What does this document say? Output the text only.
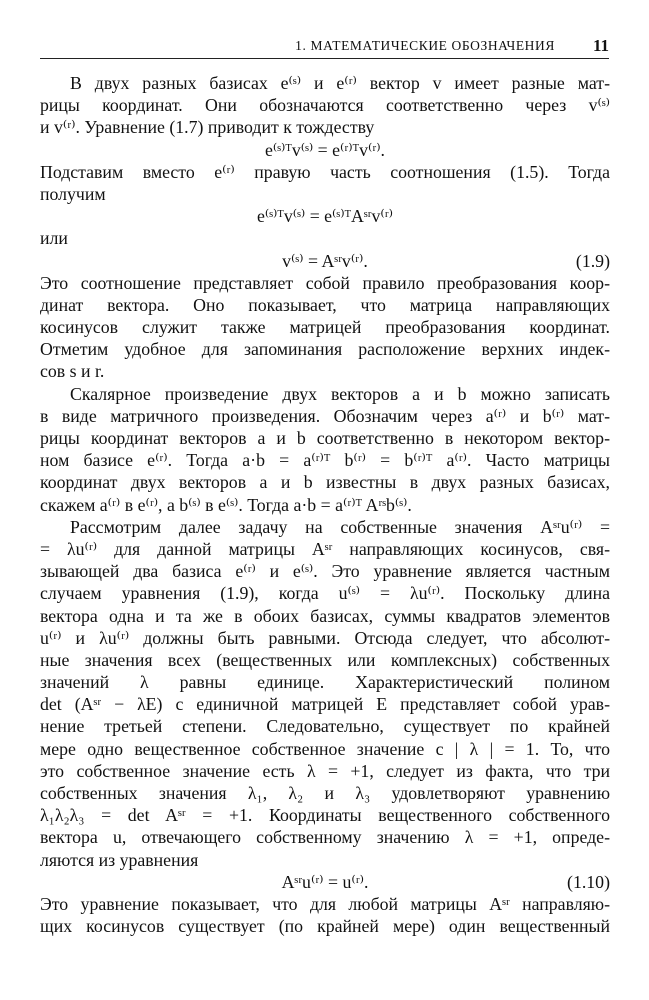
1. МАТЕМАТИЧЕСКИЕ ОБОЗНАЧЕНИЯ 11
В двух разных базисах e⁽ˢ⁾ и e⁽ʳ⁾ вектор v имеет разные мат-
рицы координат. Они обозначаются соответственно через v⁽ˢ⁾
и v⁽ʳ⁾. Уравнение (1.7) приводит к тождеству
e⁽ˢ⁾ᵀv⁽ˢ⁾ = e⁽ʳ⁾ᵀv⁽ʳ⁾.
Подставим вместо e⁽ʳ⁾ правую часть соотношения (1.5). Тогда
получим
e⁽ˢ⁾ᵀv⁽ˢ⁾ = e⁽ˢ⁾ᵀAˢʳv⁽ʳ⁾
или
v⁽ˢ⁾ = Aˢʳv⁽ʳ⁾.	(1.9)
Это соотношение представляет собой правило преобразования коор-
динат вектора. Оно показывает, что матрица направляющих
косинусов служит также матрицей преобразования координат.
Отметим удобное для запоминания расположение верхних индек-
сов s и r.
Скалярное произведение двух векторов a и b можно записать
в виде матричного произведения. Обозначим через a⁽ʳ⁾ и b⁽ʳ⁾ мат-
рицы координат векторов a и b соответственно в некотором вектор-
ном базисе e⁽ʳ⁾. Тогда a·b = a⁽ʳ⁾ᵀ b⁽ʳ⁾ = b⁽ʳ⁾ᵀ a⁽ʳ⁾. Часто матрицы
координат двух векторов a и b известны в двух разных базисах,
скажем a⁽ʳ⁾ в e⁽ʳ⁾, а b⁽ˢ⁾ в e⁽ˢ⁾. Тогда a·b = a⁽ʳ⁾ᵀ Aʳˢb⁽ˢ⁾.
Рассмотрим далее задачу на собственные значения Aˢʳu⁽ʳ⁾ =
= λu⁽ʳ⁾ для данной матрицы Aˢʳ направляющих косинусов, свя-
зывающей два базиса e⁽ʳ⁾ и e⁽ˢ⁾. Это уравнение является частным
случаем уравнения (1.9), когда u⁽ˢ⁾ = λu⁽ʳ⁾. Поскольку длина
вектора одна и та же в обоих базисах, суммы квадратов элементов
u⁽ʳ⁾ и λu⁽ʳ⁾ должны быть равными. Отсюда следует, что абсолют-
ные значения всех (вещественных или комплексных) собственных
значений λ равны единице. Характеристический полином
det (Aˢʳ − λE) с единичной матрицей E представляет собой урав-
нение третьей степени. Следовательно, существует по крайней
мере одно вещественное собственное значение с | λ | = 1. То, что
это собственное значение есть λ = +1, следует из факта, что три
собственных значения λ₁, λ₂ и λ₃ удовлетворяют уравнению
λ₁λ₂λ₃ = det Aˢʳ = +1. Координаты вещественного собственного
вектора u, отвечающего собственному значению λ = +1, опреде-
ляются из уравнения
Aˢʳu⁽ʳ⁾ = u⁽ʳ⁾.	(1.10)
Это уравнение показывает, что для любой матрицы Aˢʳ направляю-
щих косинусов существует (по крайней мере) один вещественный
